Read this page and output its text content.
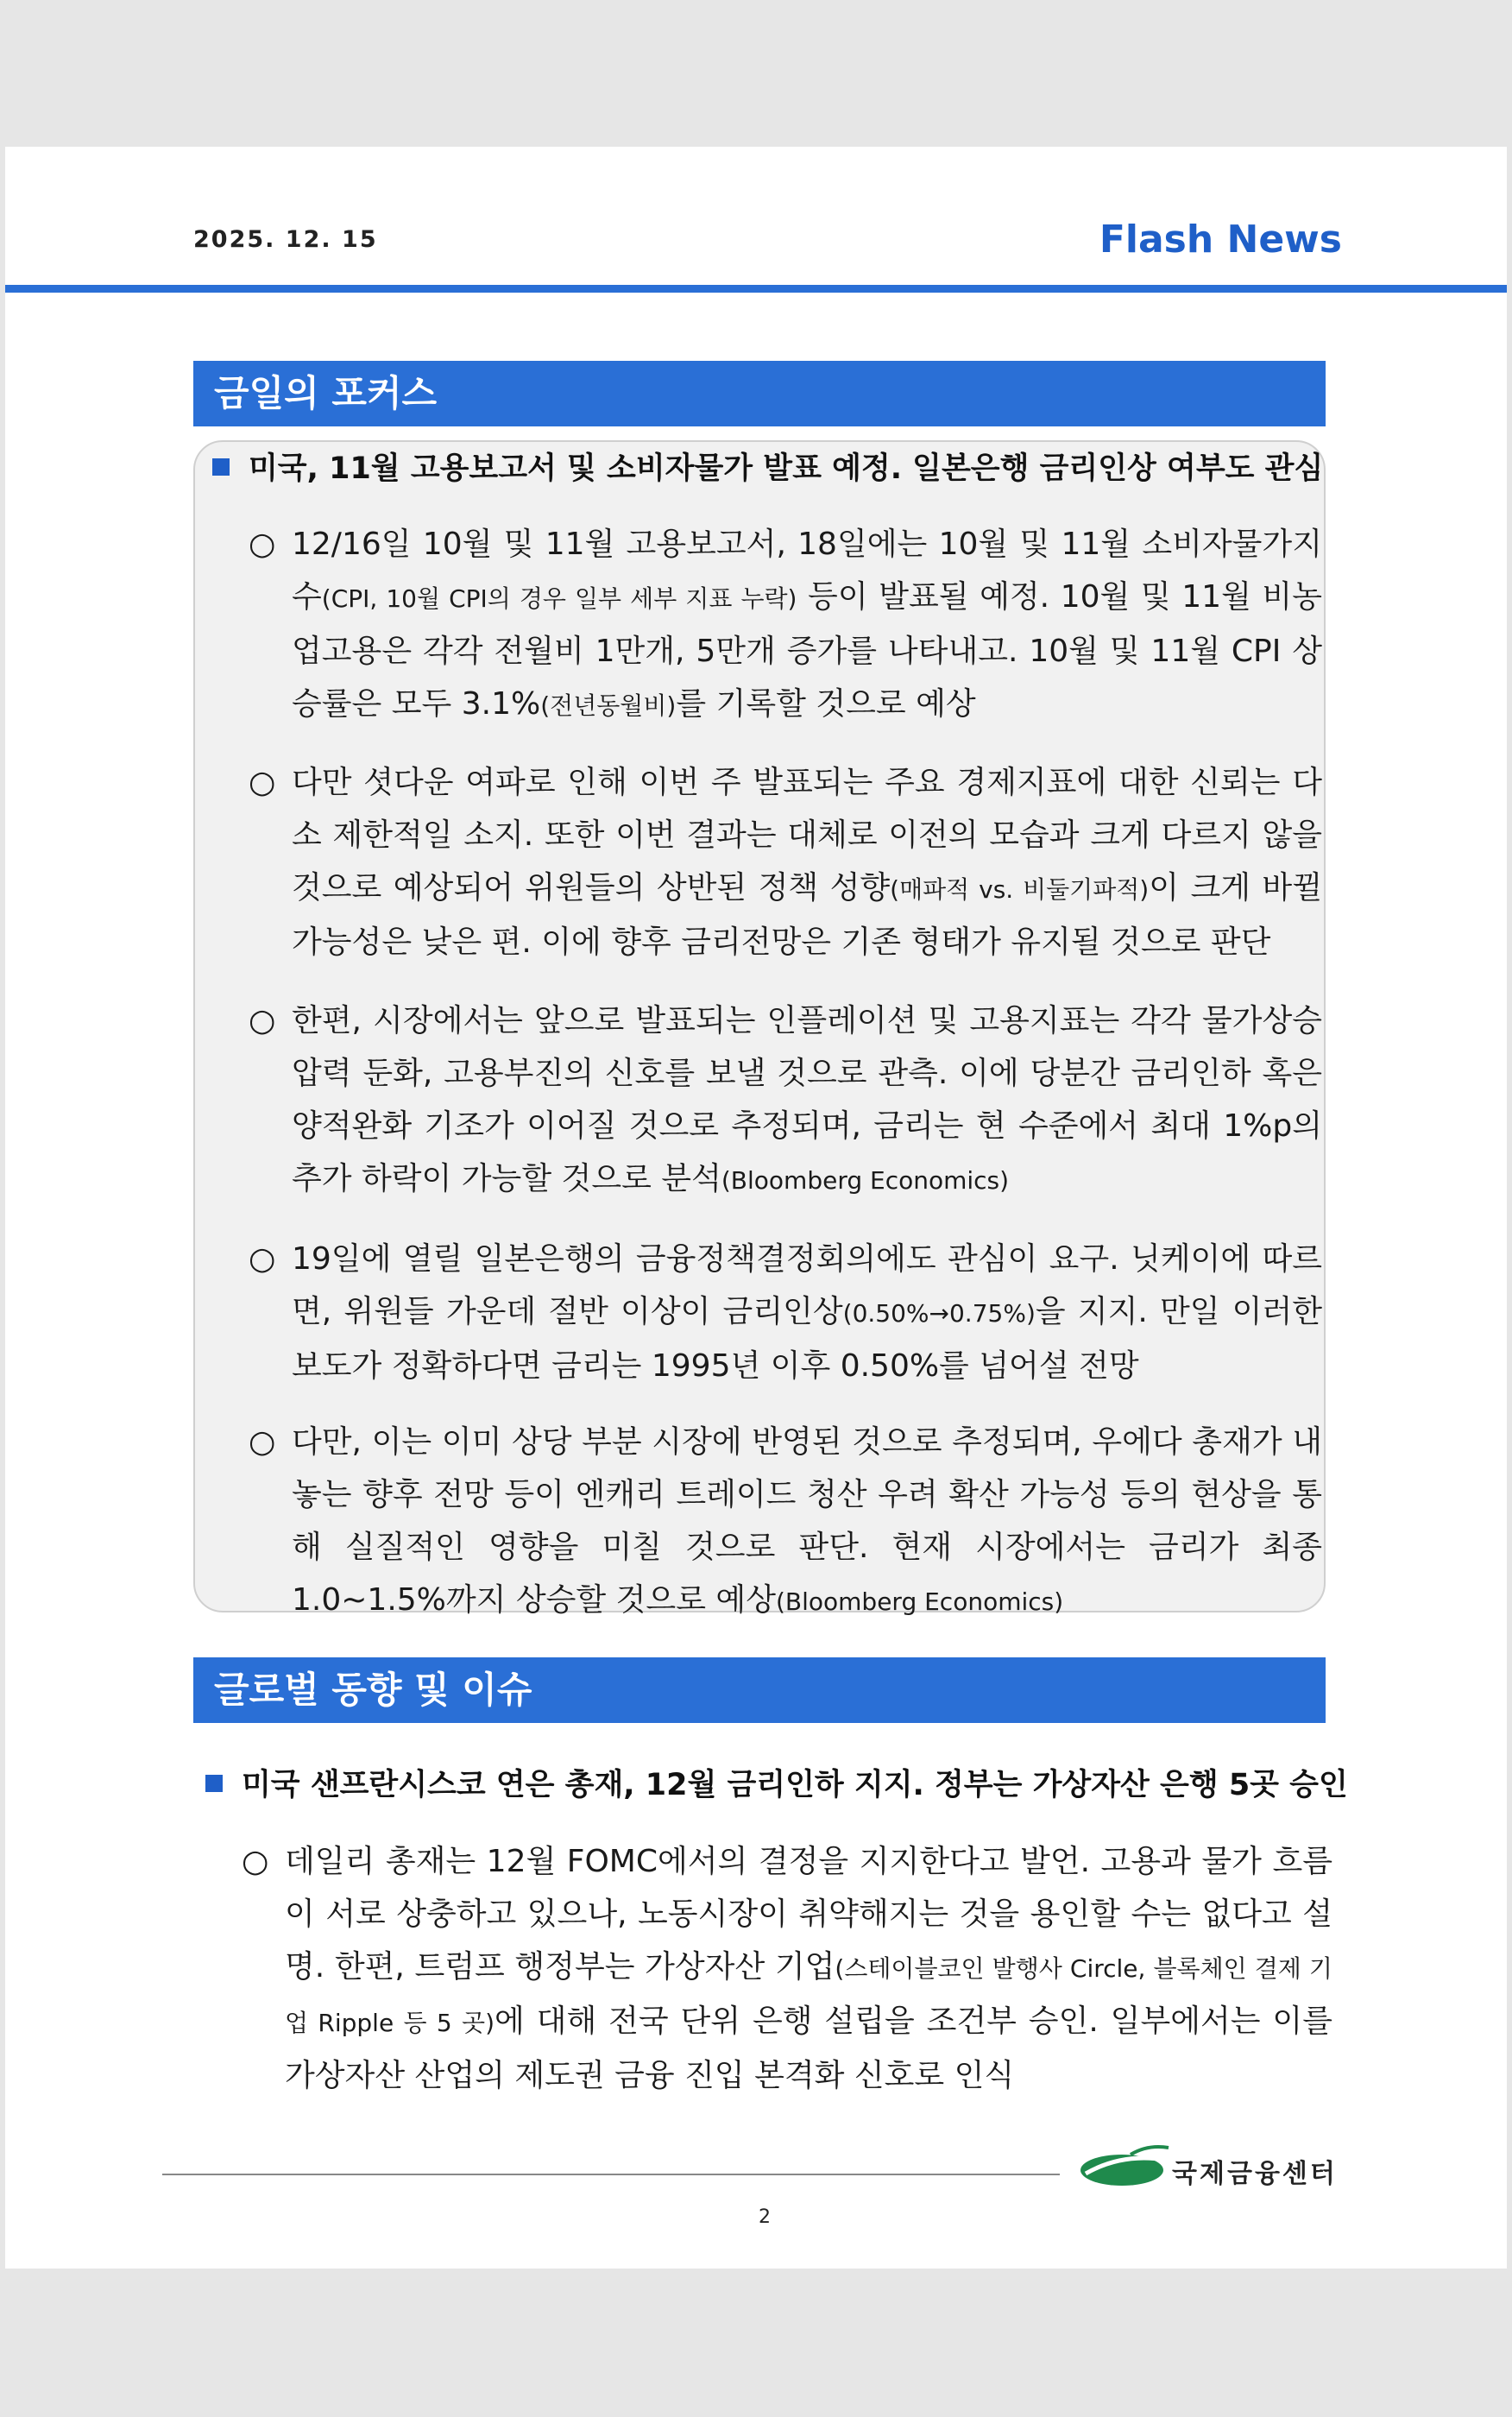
2025. 12. 15	Flash News
금일의 포커스
미국, 11월 고용보고서 및 소비자물가 발표 예정. 일본은행 금리인상 여부도 관심
○ 12/16일 10월 및 11월 고용보고서, 18일에는 10월 및 11월 소비자물가지수(CPI, 10월 CPI의 경우 일부 세부 지표 누락) 등이 발표될 예정. 10월 및 11월 비농업고용은 각각 전월비 1만개, 5만개 증가를 나타내고. 10월 및 11월 CPI 상승률은 모두 3.1%(전년동월비)를 기록할 것으로 예상
○ 다만 셧다운 여파로 인해 이번 주 발표되는 주요 경제지표에 대한 신뢰는 다소 제한적일 소지. 또한 이번 결과는 대체로 이전의 모습과 크게 다르지 않을 것으로 예상되어 위원들의 상반된 정책 성향(매파적 vs. 비둘기파적)이 크게 바뀔 가능성은 낮은 편. 이에 향후 금리전망은 기존 형태가 유지될 것으로 판단
○ 한편, 시장에서는 앞으로 발표되는 인플레이션 및 고용지표는 각각 물가상승 압력 둔화, 고용부진의 신호를 보낼 것으로 관측. 이에 당분간 금리인하 혹은 양적완화 기조가 이어질 것으로 추정되며, 금리는 현 수준에서 최대 1%p의 추가 하락이 가능할 것으로 분석(Bloomberg Economics)
○ 19일에 열릴 일본은행의 금융정책결정회의에도 관심이 요구. 닛케이에 따르면, 위원들 가운데 절반 이상이 금리인상(0.50%→0.75%)을 지지. 만일 이러한 보도가 정확하다면 금리는 1995년 이후 0.50%를 넘어설 전망
○ 다만, 이는 이미 상당 부분 시장에 반영된 것으로 추정되며, 우에다 총재가 내놓는 향후 전망 등이 엔캐리 트레이드 청산 우려 확산 가능성 등의 현상을 통해 실질적인 영향을 미칠 것으로 판단. 현재 시장에서는 금리가 최종 1.0~1.5%까지 상승할 것으로 예상(Bloomberg Economics)
글로벌 동향 및 이슈
미국 샌프란시스코 연은 총재, 12월 금리인하 지지. 정부는 가상자산 은행 5곳 승인
○ 데일리 총재는 12월 FOMC에서의 결정을 지지한다고 발언. 고용과 물가 흐름이 서로 상충하고 있으나, 노동시장이 취약해지는 것을 용인할 수는 없다고 설명. 한편, 트럼프 행정부는 가상자산 기업(스테이블코인 발행사 Circle, 블록체인 결제 기업 Ripple 등 5 곳)에 대해 전국 단위 은행 설립을 조건부 승인. 일부에서는 이를 가상자산 산업의 제도권 금융 진입 본격화 신호로 인식
국제금융센터
2
